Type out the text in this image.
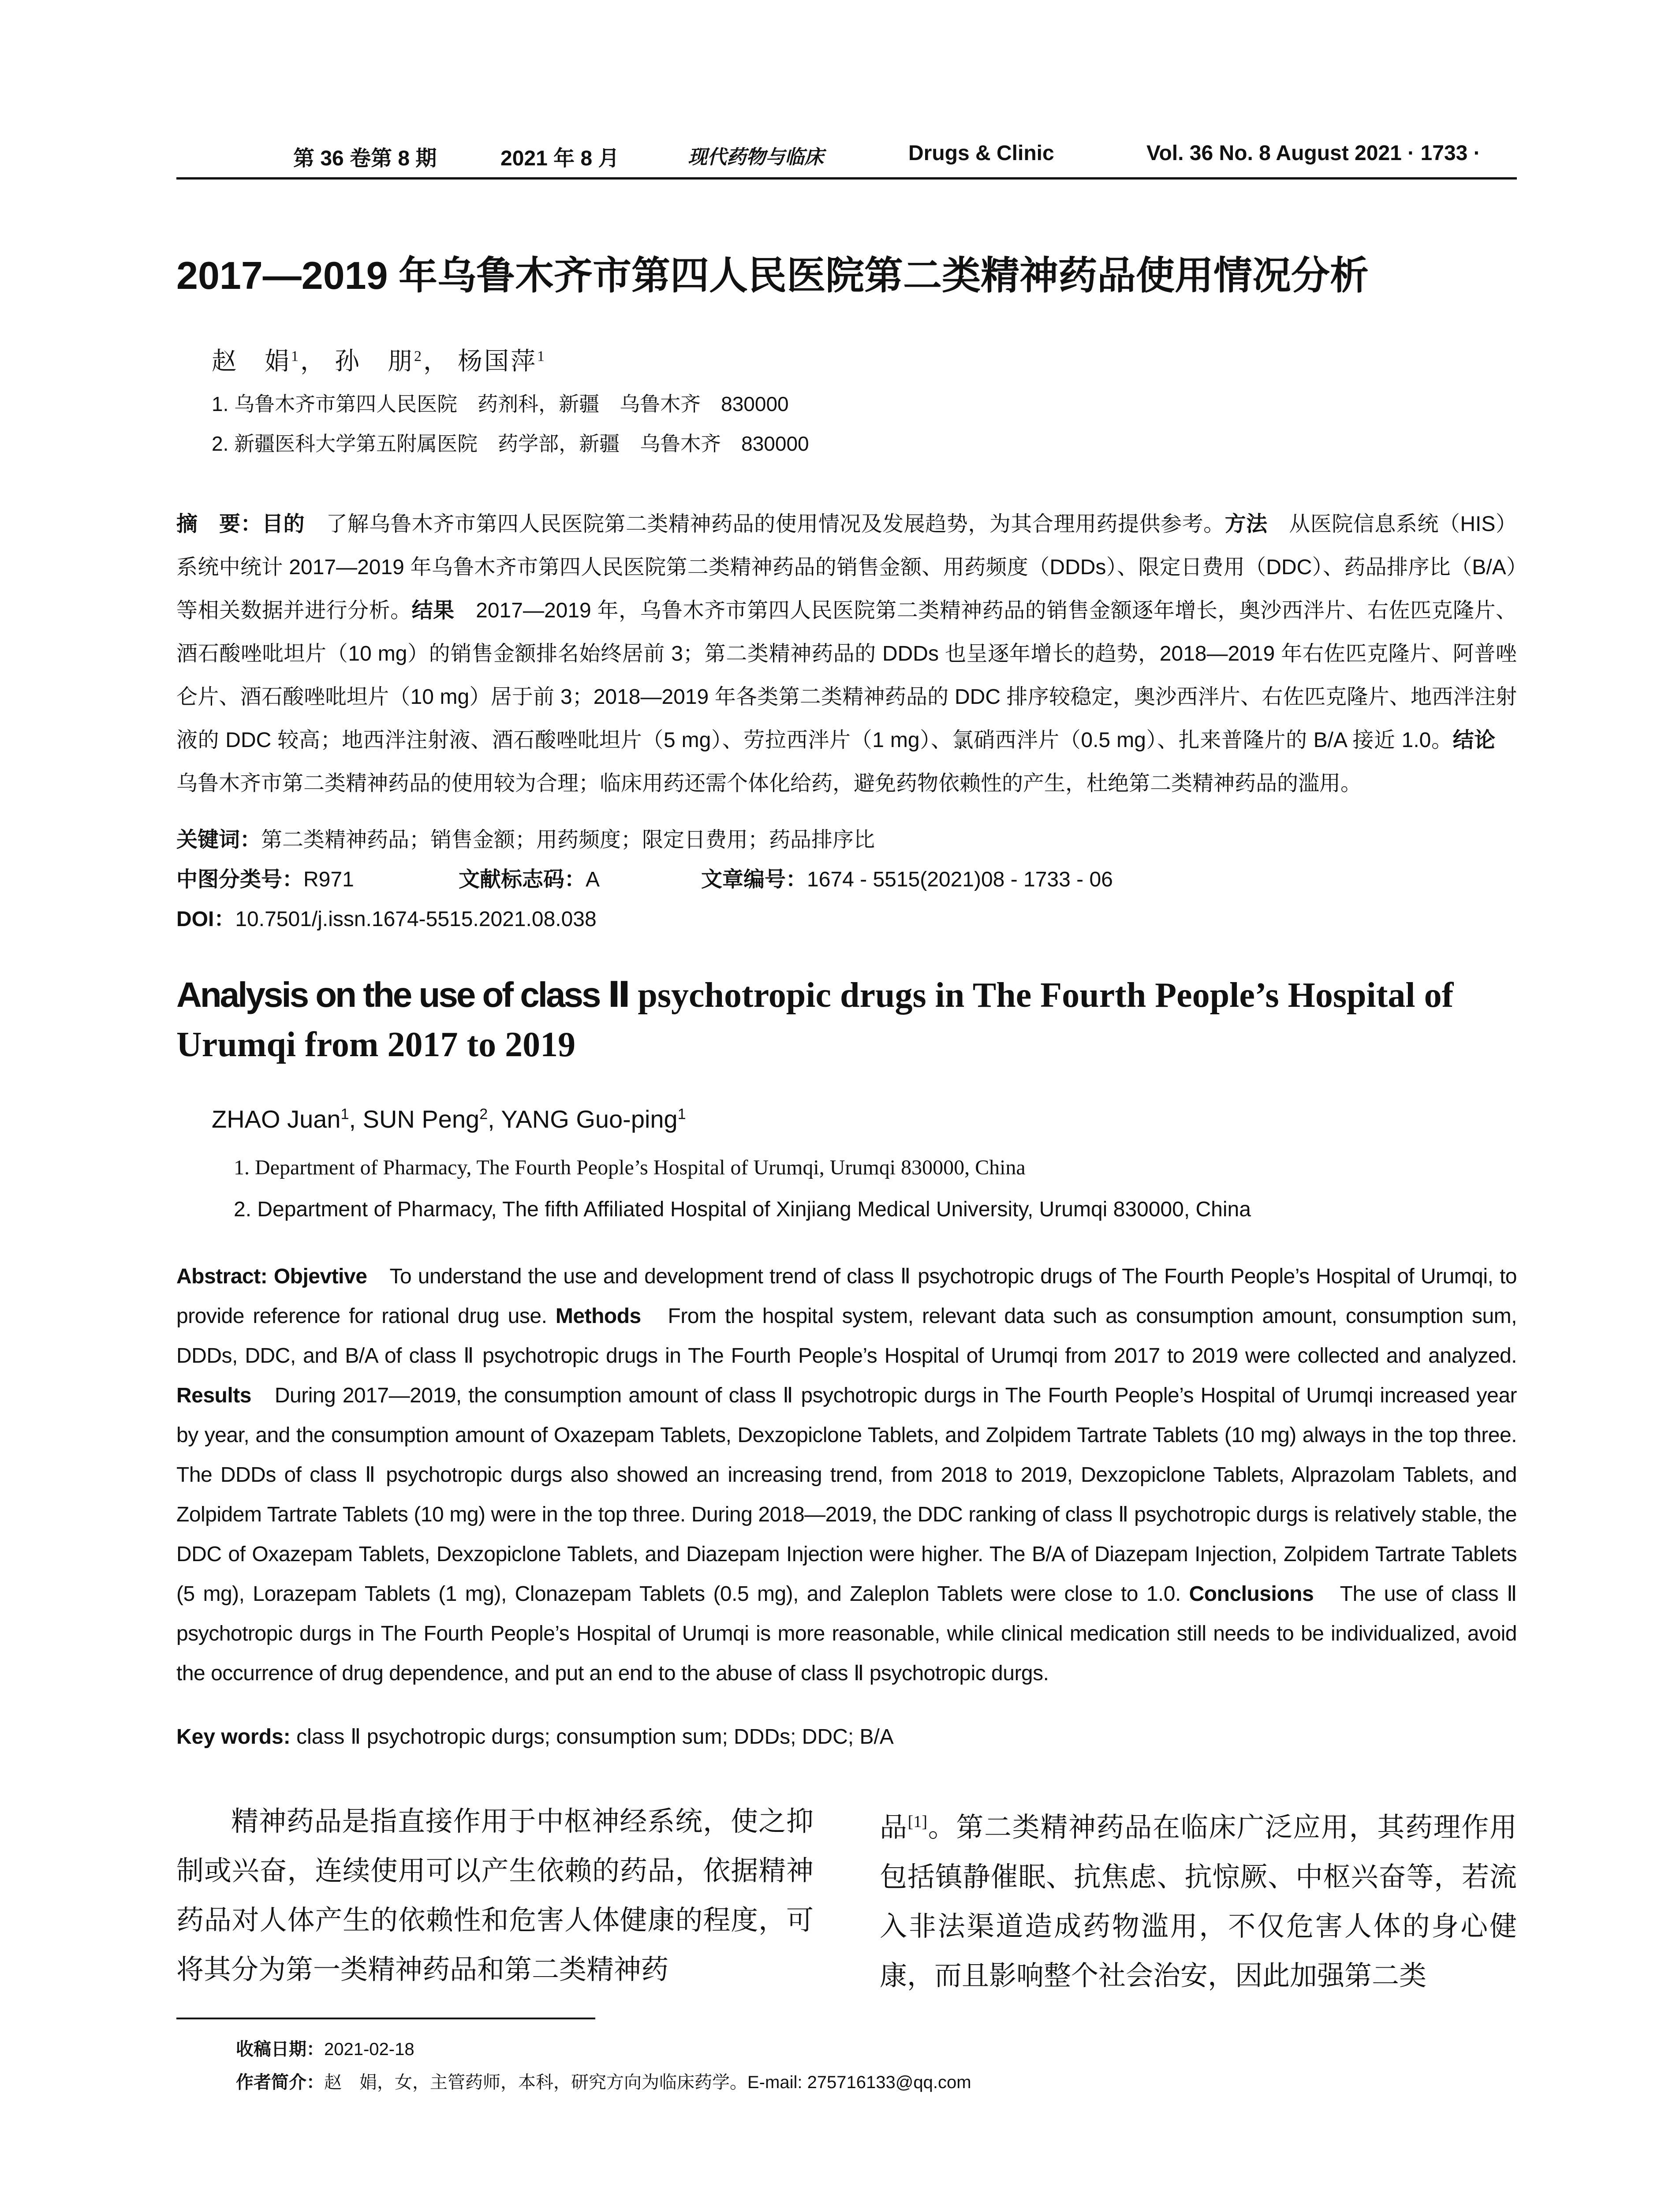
第 36 卷第 8 期	2021 年 8 月	现代药物与临床	Drugs & Clinic	Vol. 36 No. 8 August 2021 · 1733 ·
2017—2019 年乌鲁木齐市第四人民医院第二类精神药品使用情况分析
赵　娟$^1$， 孙　朋$^2$， 杨国萍$^1$
1. 乌鲁木齐市第四人民医院　药剂科，新疆　乌鲁木齐　830000
2. 新疆医科大学第五附属医院　药学部，新疆　乌鲁木齐　830000
摘　要：目的　了解乌鲁木齐市第四人民医院第二类精神药品的使用情况及发展趋势，为其合理用药提供参考。方法　从医院信息系统（HIS）系统中统计 2017—2019 年乌鲁木齐市第四人民医院第二类精神药品的销售金额、用药频度（DDDs）、限定日费用（DDC）、药品排序比（B/A）等相关数据并进行分析。结果　2017—2019 年，乌鲁木齐市第四人民医院第二类精神药品的销售金额逐年增长，奥沙西泮片、右佐匹克隆片、酒石酸唑吡坦片（10 mg）的销售金额排名始终居前 3；第二类精神药品的 DDDs 也呈逐年增长的趋势，2018—2019 年右佐匹克隆片、阿普唑仑片、酒石酸唑吡坦片（10 mg）居于前 3；2018—2019 年各类第二类精神药品的 DDC 排序较稳定，奥沙西泮片、右佐匹克隆片、地西泮注射液的 DDC 较高；地西泮注射液、酒石酸唑吡坦片（5 mg）、劳拉西泮片（1 mg）、氯硝西泮片（0.5 mg）、扎来普隆片的 B/A 接近 1.0。结论　乌鲁木齐市第二类精神药品的使用较为合理；临床用药还需个体化给药，避免药物依赖性的产生，杜绝第二类精神药品的滥用。
关键词：第二类精神药品；销售金额；用药频度；限定日费用；药品排序比
中图分类号：R971	文献标志码：A	文章编号：1674 - 5515(2021)08 - 1733 - 06
DOI：10.7501/j.issn.1674-5515.2021.08.038
Analysis on the use of class Ⅱ psychotropic drugs in The Fourth People’s Hospital of Urumqi from 2017 to 2019
ZHAO Juan$^1$, SUN Peng$^2$, YANG Guo-ping$^1$
1. Department of Pharmacy, The Fourth People’s Hospital of Urumqi, Urumqi 830000, China
2. Department of Pharmacy, The fifth Affiliated Hospital of Xinjiang Medical University, Urumqi 830000, China
Abstract: Objevtive　To understand the use and development trend of class Ⅱ psychotropic drugs of The Fourth People’s Hospital of Urumqi, to provide reference for rational drug use. Methods　From the hospital system, relevant data such as consumption amount, consumption sum, DDDs, DDC, and B/A of class Ⅱ psychotropic drugs in The Fourth People’s Hospital of Urumqi from 2017 to 2019 were collected and analyzed. Results　During 2017—2019, the consumption amount of class Ⅱ psychotropic durgs in The Fourth People’s Hospital of Urumqi increased year by year, and the consumption amount of Oxazepam Tablets, Dexzopiclone Tablets, and Zolpidem Tartrate Tablets (10 mg) always in the top three. The DDDs of class Ⅱ psychotropic durgs also showed an increasing trend, from 2018 to 2019, Dexzopiclone Tablets, Alprazolam Tablets, and Zolpidem Tartrate Tablets (10 mg) were in the top three. During 2018—2019, the DDC ranking of class Ⅱ psychotropic durgs is relatively stable, the DDC of Oxazepam Tablets, Dexzopiclone Tablets, and Diazepam Injection were higher. The B/A of Diazepam Injection, Zolpidem Tartrate Tablets (5 mg), Lorazepam Tablets (1 mg), Clonazepam Tablets (0.5 mg), and Zaleplon Tablets were close to 1.0. Conclusions　The use of class Ⅱ psychotropic durgs in The Fourth People’s Hospital of Urumqi is more reasonable, while clinical medication still needs to be individualized, avoid the occurrence of drug dependence, and put an end to the abuse of class Ⅱ psychotropic durgs.
Key words: class Ⅱ psychotropic durgs; consumption sum; DDDs; DDC; B/A
精神药品是指直接作用于中枢神经系统，使之抑制或兴奋，连续使用可以产生依赖的药品，依据精神药品对人体产生的依赖性和危害人体健康的程度，可将其分为第一类精神药品和第二类精神药
品[1]。第二类精神药品在临床广泛应用，其药理作用包括镇静催眠、抗焦虑、抗惊厥、中枢兴奋等，若流入非法渠道造成药物滥用，不仅危害人体的身心健康，而且影响整个社会治安，因此加强第二类
收稿日期：2021-02-18
作者简介：赵　娟，女，主管药师，本科，研究方向为临床药学。E-mail: 275716133@qq.com
